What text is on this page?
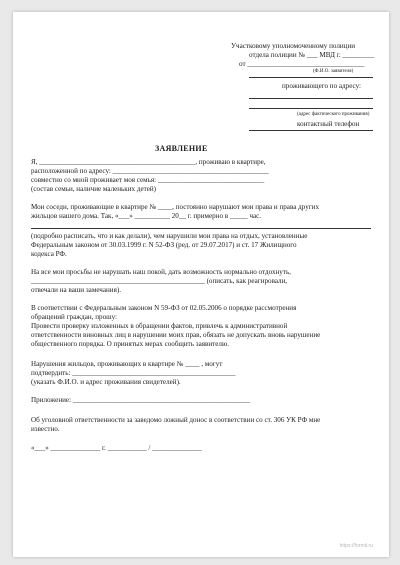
Участковому уполномоченному полиции
отдела полиции № ___ МВД г. _________
от _________________________________
(Ф.И.О. заявителя)
проживающего по адресу:
(адрес фактического проживания)
контактный телефон
ЗАЯВЛЕНИЕ
Я, ____________________________________________, проживаю в квартире,
расположенной по адресу: ____________________________________________
совместно со мной проживает моя семья: ______________________________
(состав семьи, наличие маленьких детей)
Мои соседи, проживающие в квартире № ____, постоянно нарушают мои права и права других
жильцов нашего дома. Так, «___» __________ 20__ г. примерно в _____ час.
(подробно расписать, что и как делали), чем нарушили мои права на отдых, установленные
Федеральным законом от 30.03.1999 г. N 52-ФЗ (ред. от 29.07.2017) и ст. 17 Жилищного
кодекса РФ.
На все мои просьбы не нарушать наш покой, дать возможность нормально отдохнуть,
_________________________________________________ (описать, как реагировали,
отвечали на ваши замечания).
В соответствии с Федеральным законом N 59-ФЗ от 02.05.2006 о порядке рассмотрения
обращений граждан, прошу:
Провести проверку изложенных в обращении фактов, привлечь к административной
ответственности виновных лиц в нарушении моих прав, обязать не допускать вновь нарушение
общественного порядка. О принятых мерах сообщить заявителю.
Нарушения жильцов, проживающих в квартире № ____ , могут
подтвердить: ______________________________________________
(указать Ф.И.О. и адрес проживания свидетелей).
Приложение: __________________________________________________
Об уголовной ответственности за заведомо ложный донос в соответствии со ст. 306 УК РФ мне
известно.
«___» ______________ г. ___________ / ______________
https://formit.ru
